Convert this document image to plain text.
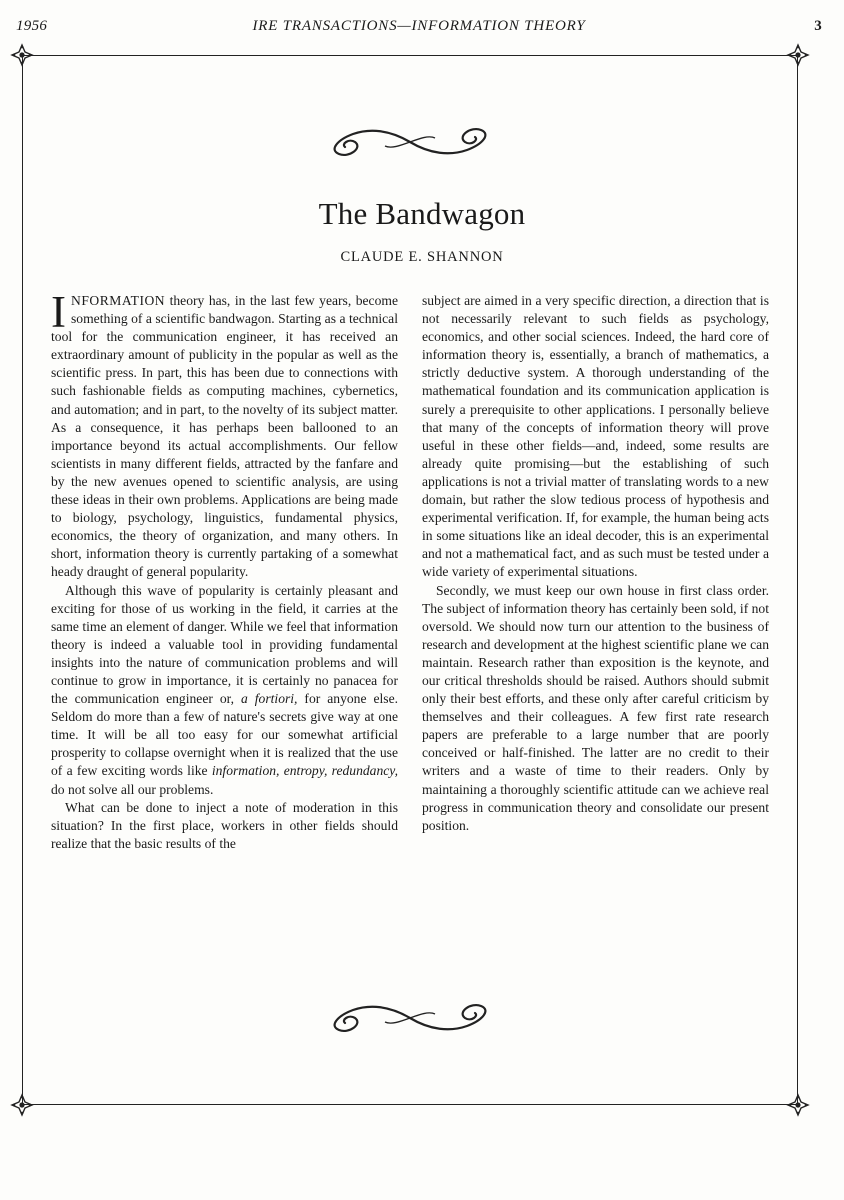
1956	IRE TRANSACTIONS—INFORMATION THEORY	3
The Bandwagon
CLAUDE E. SHANNON

INFORMATION theory has, in the last few years, become something of a scientific bandwagon. Starting as a technical tool for the communication engineer, it has received an extraordinary amount of publicity in the popular as well as the scientific press. In part, this has been due to connections with such fashionable fields as computing machines, cybernetics, and automation; and in part, to the novelty of its subject matter. As a consequence, it has perhaps been ballooned to an importance beyond its actual accomplishments. Our fellow scientists in many different fields, attracted by the fanfare and by the new avenues opened to scientific analysis, are using these ideas in their own problems. Applications are being made to biology, psychology, linguistics, fundamental physics, economics, the theory of organization, and many others. In short, information theory is currently partaking of a somewhat heady draught of general popularity.

Although this wave of popularity is certainly pleasant and exciting for those of us working in the field, it carries at the same time an element of danger. While we feel that information theory is indeed a valuable tool in providing fundamental insights into the nature of communication problems and will continue to grow in importance, it is certainly no panacea for the communication engineer or, a fortiori, for anyone else. Seldom do more than a few of nature's secrets give way at one time. It will be all too easy for our somewhat artificial prosperity to collapse overnight when it is realized that the use of a few exciting words like information, entropy, redundancy, do not solve all our problems.

What can be done to inject a note of moderation in this situation? In the first place, workers in other fields should realize that the basic results of the

subject are aimed in a very specific direction, a direction that is not necessarily relevant to such fields as psychology, economics, and other social sciences. Indeed, the hard core of information theory is, essentially, a branch of mathematics, a strictly deductive system. A thorough understanding of the mathematical foundation and its communication application is surely a prerequisite to other applications. I personally believe that many of the concepts of information theory will prove useful in these other fields—and, indeed, some results are already quite promising—but the establishing of such applications is not a trivial matter of translating words to a new domain, but rather the slow tedious process of hypothesis and experimental verification. If, for example, the human being acts in some situations like an ideal decoder, this is an experimental and not a mathematical fact, and as such must be tested under a wide variety of experimental situations.

Secondly, we must keep our own house in first class order. The subject of information theory has certainly been sold, if not oversold. We should now turn our attention to the business of research and development at the highest scientific plane we can maintain. Research rather than exposition is the keynote, and our critical thresholds should be raised. Authors should submit only their best efforts, and these only after careful criticism by themselves and their colleagues. A few first rate research papers are preferable to a large number that are poorly conceived or half-finished. The latter are no credit to their writers and a waste of time to their readers. Only by maintaining a thoroughly scientific attitude can we achieve real progress in communication theory and consolidate our present position.
